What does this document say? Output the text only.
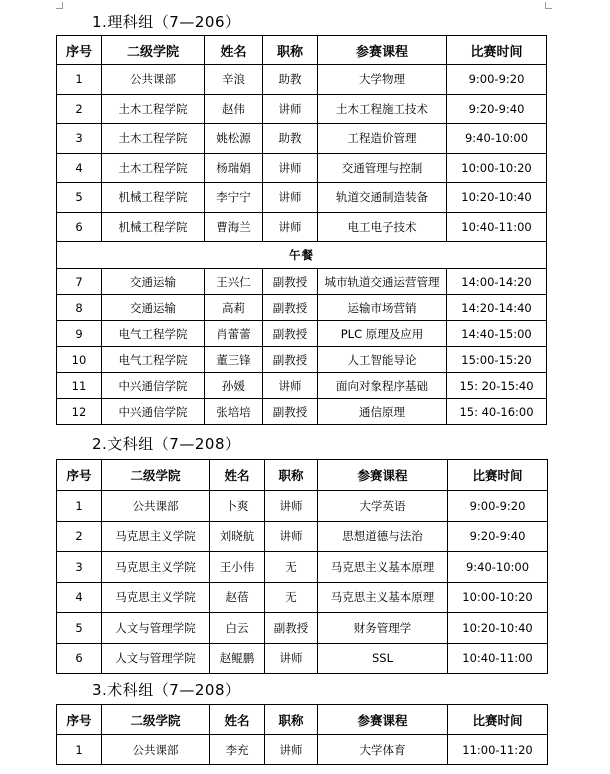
1.理科组（7—206）
序号	二级学院	姓名	职称	参赛课程	比赛时间
1	公共课部	辛浪	助教	大学物理	9:00-9:20
2	土木工程学院	赵伟	讲师	土木工程施工技术	9:20-9:40
3	土木工程学院	姚松源	助教	工程造价管理	9:40-10:00
4	土木工程学院	杨瑞娟	讲师	交通管理与控制	10:00-10:20
5	机械工程学院	李宁宁	讲师	轨道交通制造装备	10:20-10:40
6	机械工程学院	曹海兰	讲师	电工电子技术	10:40-11:00
午餐					
7	交通运输	王兴仁	副教授	城市轨道交通运营管理	14:00-14:20
8	交通运输	高莉	副教授	运输市场营销	14:20-14:40
9	电气工程学院	肖蕾蕾	副教授	PLC 原理及应用	14:40-15:00
10	电气工程学院	董三锋	副教授	人工智能导论	15:00-15:20
11	中兴通信学院	孙媛	讲师	面向对象程序基础	15: 20-15:40
12	中兴通信学院	张培培	副教授	通信原理	15: 40-16:00
2.文科组（7—208）
序号	二级学院	姓名	职称	参赛课程	比赛时间
1	公共课部	卜爽	讲师	大学英语	9:00-9:20
2	马克思主义学院	刘晓航	讲师	思想道德与法治	9:20-9:40
3	马克思主义学院	王小伟	无	马克思主义基本原理	9:40-10:00
4	马克思主义学院	赵蓓	无	马克思主义基本原理	10:00-10:20
5	人文与管理学院	白云	副教授	财务管理学	10:20-10:40
6	人文与管理学院	赵鲲鹏	讲师	SSL	10:40-11:00
3.术科组（7—208）
序号	二级学院	姓名	职称	参赛课程	比赛时间
1	公共课部	李充	讲师	大学体育	11:00-11:20
